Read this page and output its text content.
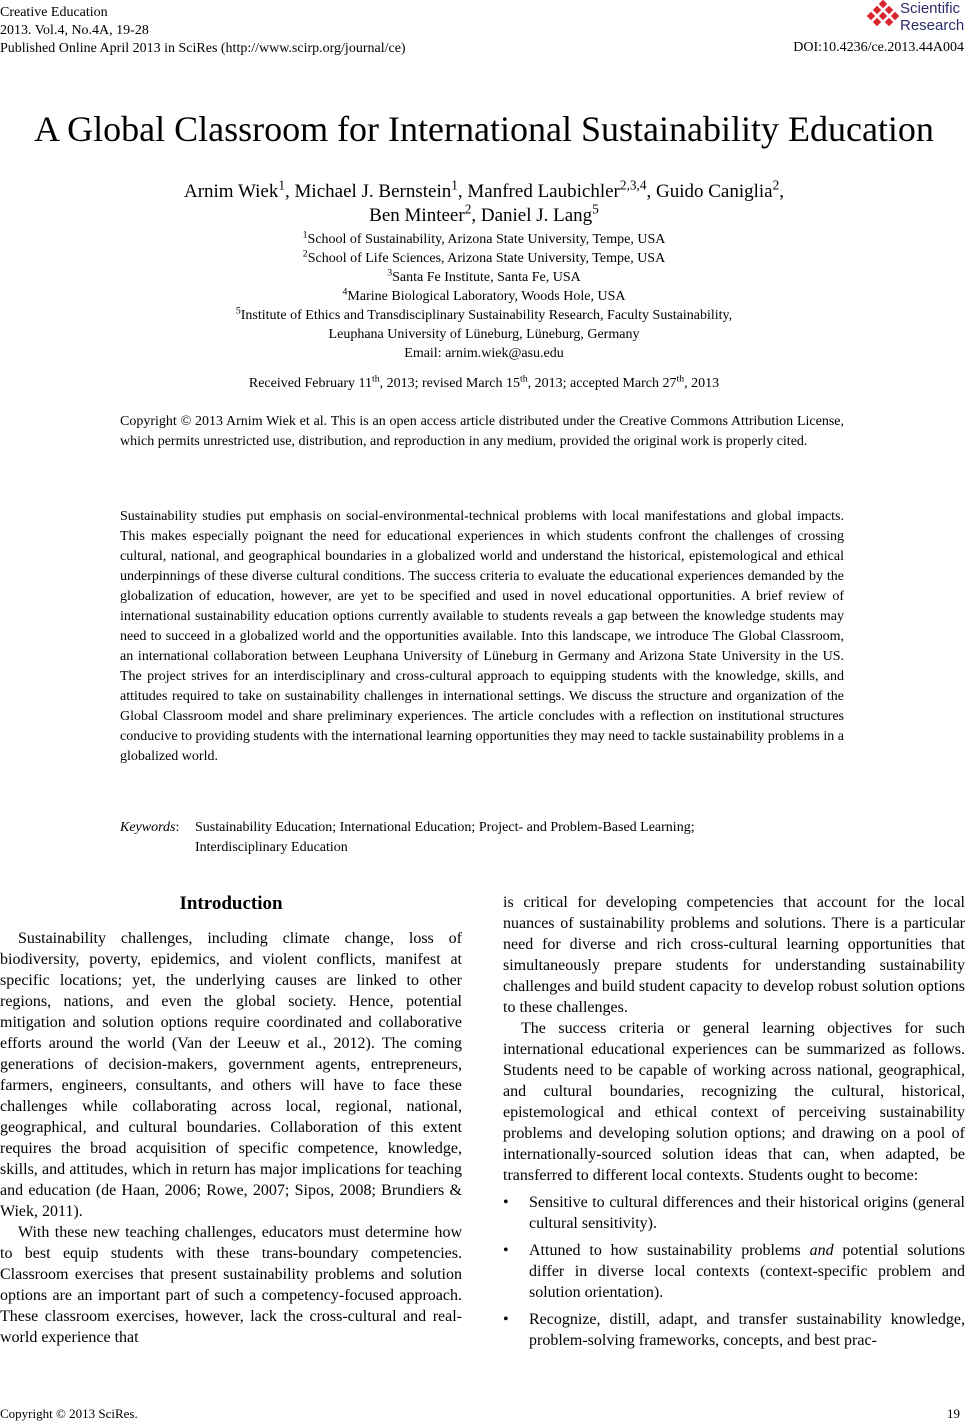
Creative Education
2013. Vol.4, No.4A, 19-28
Published Online April 2013 in SciRes (http://www.scirp.org/journal/ce)
Scientific
Research
DOI:10.4236/ce.2013.44A004
A Global Classroom for International Sustainability Education
Arnim Wiek$^1$, Michael J. Bernstein$^1$, Manfred Laubichler$^{2,3,4}$, Guido Caniglia$^2$,
Ben Minteer$^2$, Daniel J. Lang$^5$
$^1$School of Sustainability, Arizona State University, Tempe, USA
$^2$School of Life Sciences, Arizona State University, Tempe, USA
$^3$Santa Fe Institute, Santa Fe, USA
$^4$Marine Biological Laboratory, Woods Hole, USA
$^5$Institute of Ethics and Transdisciplinary Sustainability Research, Faculty Sustainability,
Leuphana University of Lüneburg, Lüneburg, Germany
Email: arnim.wiek@asu.edu
Received February 11th, 2013; revised March 15th, 2013; accepted March 27th, 2013
Copyright © 2013 Arnim Wiek et al. This is an open access article distributed under the Creative Commons Attribution License, which permits unrestricted use, distribution, and reproduction in any medium, provided the original work is properly cited.
Sustainability studies put emphasis on social-environmental-technical problems with local manifestations and global impacts. This makes especially poignant the need for educational experiences in which students confront the challenges of crossing cultural, national, and geographical boundaries in a globalized world and understand the historical, epistemological and ethical underpinnings of these diverse cultural conditions. The success criteria to evaluate the educational experiences demanded by the globalization of education, however, are yet to be specified and used in novel educational opportunities. A brief review of international sustainability education options currently available to students reveals a gap between the knowledge students may need to succeed in a globalized world and the opportunities available. Into this landscape, we introduce The Global Classroom, an international collaboration between Leuphana University of Lüneburg in Germany and Arizona State University in the US. The project strives for an interdisciplinary and cross-cultural approach to equipping students with the knowledge, skills, and attitudes required to take on sustainability challenges in international settings. We discuss the structure and organization of the Global Classroom model and share preliminary experiences. The article concludes with a reflection on institutional structures conducive to providing students with the international learning opportunities they may need to tackle sustainability problems in a globalized world.
Keywords: Sustainability Education; International Education; Project- and Problem-Based Learning;
Interdisciplinary Education
Introduction

Sustainability challenges, including climate change, loss of biodiversity, poverty, epidemics, and violent conflicts, manifest at specific locations; yet, the underlying causes are linked to other regions, nations, and even the global society. Hence, potential mitigation and solution options require coordinated and collaborative efforts around the world (Van der Leeuw et al., 2012). The coming generations of decision-makers, government agents, entrepreneurs, farmers, engineers, consultants, and others will have to face these challenges while collaborating across local, regional, national, geographical, and cultural boundaries. Collaboration of this extent requires the broad acquisition of specific competence, knowledge, skills, and attitudes, which in return has major implications for teaching and education (de Haan, 2006; Rowe, 2007; Sipos, 2008; Brundiers & Wiek, 2011).

With these new teaching challenges, educators must determine how to best equip students with these trans-boundary competencies. Classroom exercises that present sustainability problems and solution options are an important part of such a competency-focused approach. These classroom exercises, however, lack the cross-cultural and real-world experience that

is critical for developing competencies that account for the local nuances of sustainability problems and solutions. There is a particular need for diverse and rich cross-cultural learning opportunities that simultaneously prepare students for understanding sustainability challenges and build student capacity to develop robust solution options to these challenges.

The success criteria or general learning objectives for such international educational experiences can be summarized as follows. Students need to be capable of working across national, geographical, and cultural boundaries, recognizing the cultural, historical, epistemological and ethical context of perceiving sustainability problems and developing solution options; and drawing on a pool of internationally-sourced solution ideas that can, when adapted, be transferred to different local contexts. Students ought to become:

• Sensitive to cultural differences and their historical origins (general cultural sensitivity).
• Attuned to how sustainability problems and potential solutions differ in diverse local contexts (context-specific problem and solution orientation).
• Recognize, distill, adapt, and transfer sustainability knowledge, problem-solving frameworks, concepts, and best prac-
Copyright © 2013 SciRes.	19
